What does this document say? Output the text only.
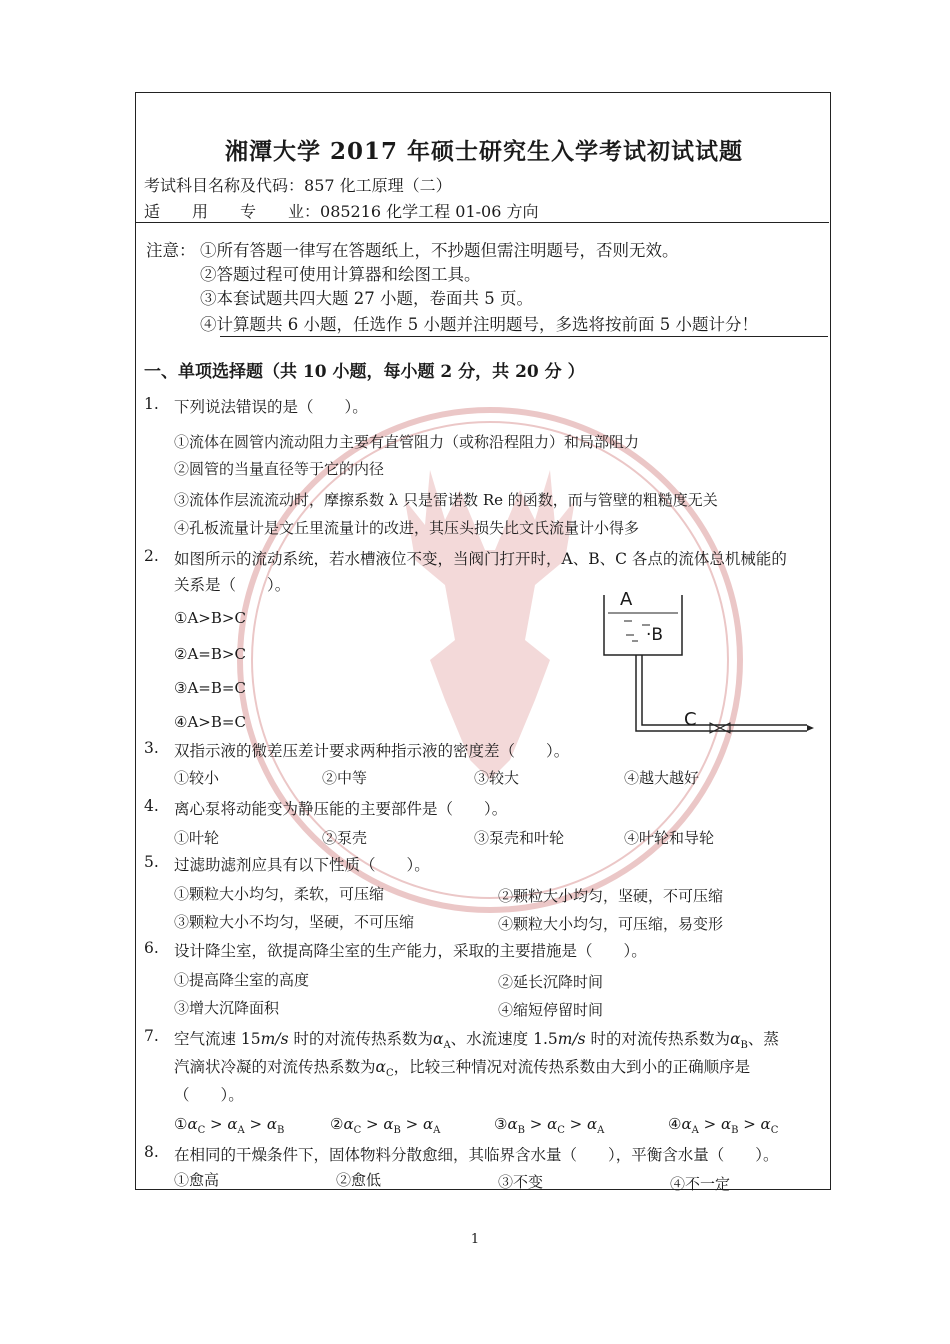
湘潭大学 2017 年硕士研究生入学考试初试试题
考试科目名称及代码：857 化工原理（二）
适　　用　　专　　业：085216 化学工程 01-06 方向
注意： ①所有答题一律写在答题纸上，不抄题但需注明题号，否则无效。
②答题过程可使用计算器和绘图工具。
③本套试题共四大题 27 小题，卷面共 5 页。
④计算题共 6 小题，任选作 5 小题并注明题号，多选将按前面 5 小题计分！
一、单项选择题（共 10 小题，每小题 2 分，共 20 分 ）
1. 下列说法错误的是（　　）。
①流体在圆管内流动阻力主要有直管阻力（或称沿程阻力）和局部阻力
②圆管的当量直径等于它的内径
③流体作层流流动时，摩擦系数 λ 只是雷诺数 Re 的函数，而与管壁的粗糙度无关
④孔板流量计是文丘里流量计的改进，其压头损失比文氏流量计小得多
2. 如图所示的流动系统，若水槽液位不变，当阀门打开时，A、B、C 各点的流体总机械能的
关系是（　　）。
①A>B>C
②A=B>C
③A=B=C
④A>B=C
A
·B
C
3. 双指示液的微差压差计要求两种指示液的密度差（　　）。
①较小	②中等	③较大	④越大越好
4. 离心泵将动能变为静压能的主要部件是（　　）。
①叶轮	②泵壳	③泵壳和叶轮	④叶轮和导轮
5. 过滤助滤剂应具有以下性质（　　）。
①颗粒大小均匀，柔软，可压缩	②颗粒大小均匀，坚硬，不可压缩
③颗粒大小不均匀，坚硬，不可压缩	④颗粒大小均匀，可压缩，易变形
6. 设计降尘室，欲提高降尘室的生产能力，采取的主要措施是（　　）。
①提高降尘室的高度	②延长沉降时间
③增大沉降面积	④缩短停留时间
7. 空气流速 15m/s 时的对流传热系数为$\alpha_A$、水流速度 1.5m/s 时的对流传热系数为$\alpha_B$、蒸
汽滴状冷凝的对流传热系数为$\alpha_C$，比较三种情况对流传热系数由大到小的正确顺序是
（　　）。
$①\alpha_C > \alpha_A > \alpha_B$	$②\alpha_C > \alpha_B > \alpha_A$	$③\alpha_B > \alpha_C > \alpha_A$	$④\alpha_A > \alpha_B > \alpha_C$
8. 在相同的干燥条件下，固体物料分散愈细，其临界含水量（　　），平衡含水量（　　）。
①愈高	②愈低	③不变	④不一定
1
